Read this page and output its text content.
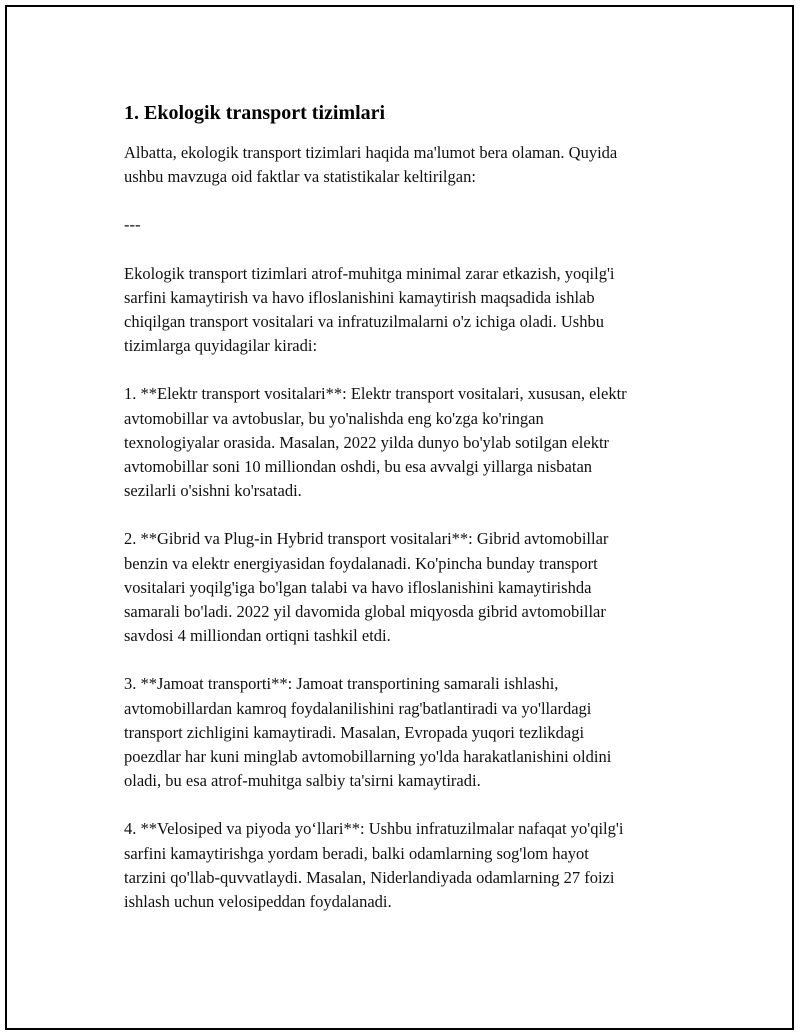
1. Ekologik transport tizimlari

Albatta, ekologik transport tizimlari haqida ma'lumot bera olaman. Quyida
ushbu mavzuga oid faktlar va statistikalar keltirilgan:

---

Ekologik transport tizimlari atrof-muhitga minimal zarar etkazish, yoqilg'i
sarfini kamaytirish va havo ifloslanishini kamaytirish maqsadida ishlab
chiqilgan transport vositalari va infratuzilmalarni o'z ichiga oladi. Ushbu
tizimlarga quyidagilar kiradi:

1. **Elektr transport vositalari**: Elektr transport vositalari, xususan, elektr
avtomobillar va avtobuslar, bu yo'nalishda eng ko'zga ko'ringan
texnologiyalar orasida. Masalan, 2022 yilda dunyo bo'ylab sotilgan elektr
avtomobillar soni 10 milliondan oshdi, bu esa avvalgi yillarga nisbatan
sezilarli o'sishni ko'rsatadi.

2. **Gibrid va Plug-in Hybrid transport vositalari**: Gibrid avtomobillar
benzin va elektr energiyasidan foydalanadi. Ko'pincha bunday transport
vositalari yoqilg'iga bo'lgan talabi va havo ifloslanishini kamaytirishda
samarali bo'ladi. 2022 yil davomida global miqyosda gibrid avtomobillar
savdosi 4 milliondan ortiqni tashkil etdi.

3. **Jamoat transporti**: Jamoat transportining samarali ishlashi,
avtomobillardan kamroq foydalanilishini rag'batlantiradi va yo'llardagi
transport zichligini kamaytiradi. Masalan, Evropada yuqori tezlikdagi
poezdlar har kuni minglab avtomobillarning yo'lda harakatlanishini oldini
oladi, bu esa atrof-muhitga salbiy ta'sirni kamaytiradi.

4. **Velosiped va piyoda yo‘llari**: Ushbu infratuzilmalar nafaqat yo'qilg'i
sarfini kamaytirishga yordam beradi, balki odamlarning sog'lom hayot
tarzini qo'llab-quvvatlaydi. Masalan, Niderlandiyada odamlarning 27 foizi
ishlash uchun velosipeddan foydalanadi.
